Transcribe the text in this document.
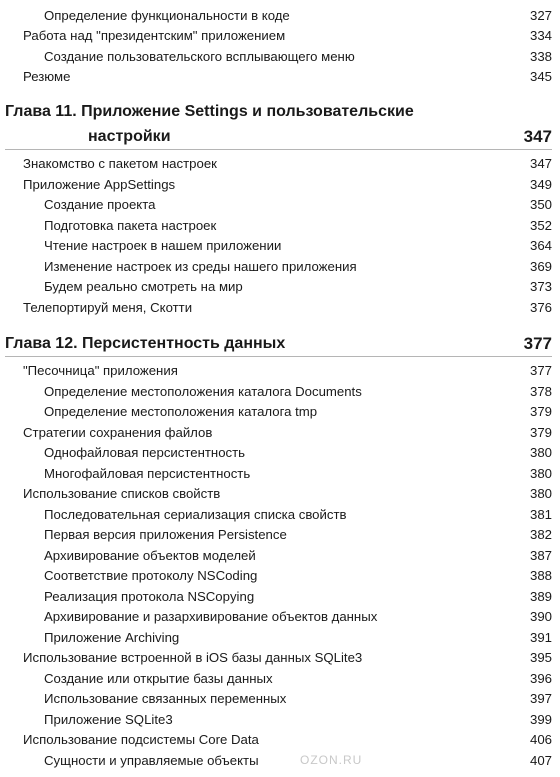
Определение функциональности в коде	327
Работа над "президентским" приложением	334
Создание пользовательского всплывающего меню	338
Резюме	345
Глава 11. Приложение Settings и пользовательские
настройки	347
Знакомство с пакетом настроек	347
Приложение AppSettings	349
Создание проекта	350
Подготовка пакета настроек	352
Чтение настроек в нашем приложении	364
Изменение настроек из среды нашего приложения	369
Будем реально смотреть на мир	373
Телепортируй меня, Скотти	376
Глава 12. Персистентность данных	377
"Песочница" приложения	377
Определение местоположения каталога Documents	378
Определение местоположения каталога tmp	379
Стратегии сохранения файлов	379
Однофайловая персистентность	380
Многофайловая персистентность	380
Использование списков свойств	380
Последовательная сериализация списка свойств	381
Первая версия приложения Persistence	382
Архивирование объектов моделей	387
Соответствие протоколу NSCoding	388
Реализация протокола NSCopying	389
Архивирование и разархивирование объектов данных	390
Приложение Archiving	391
Использование встроенной в iOS базы данных SQLite3	395
Создание или открытие базы данных	396
Использование связанных переменных	397
Приложение SQLite3	399
Использование подсистемы Core Data	406
Сущности и управляемые объекты	407
OZON.RU
